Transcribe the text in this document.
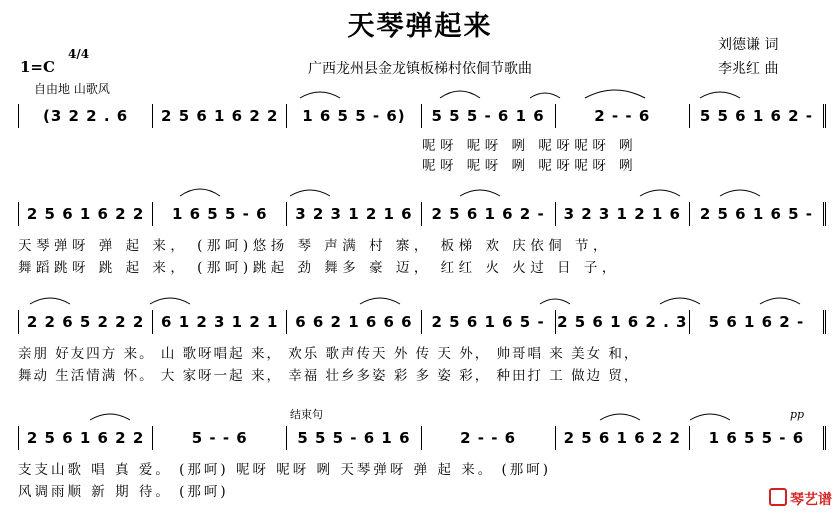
天琴弹起来
广西龙州县金龙镇板梯村依侗节歌曲
刘德谦 词
李兆红 曲
1=C
4/4
自由地 山歌风
(3 2 2 . 6	2 5 6 1 6 2 2	1 6 5 5 - 6)	5 5 5 - 6 1 6	2 - - 6	5 5 6 1 6 2 -
呢呀 呢呀 咧 呢呀呢呀 咧
呢呀 呢呀 咧 呢呀呢呀 咧
2 5 6 1 6 2 2	1 6 5 5 - 6	3 2 3 1 2 1 6	2 5 6 1 6 2 -	3 2 3 1 2 1 6	2 5 6 1 6 5 -
天琴弹呀 弹 起 来， (那呵)悠扬 琴 声满 村 寨， 板梯 欢 庆依侗 节，
舞蹈跳呀 跳 起 来， (那呵)跳起 劲 舞多 豪 迈， 红红 火 火过 日 子，
2 2 6 5 2 2 2	6 1 2 3 1 2 1	6 6 2 1 6 6 6	2 5 6 1 6 5 - 2 5 6 1 6 2 . 3	5 6 1 6 2 -
亲朋 好友四方 来。 山 歌呀唱起 来， 欢乐 歌声传天 外 传 天 外， 帅哥唱 来 美女 和，
舞动 生活情满 怀。 大 家呀一起 来， 幸福 壮乡多姿 彩 多 姿 彩， 种田打 工 做边 贸，
结束句	pp
2 5 6 1 6 2 2	5 - - 6	5 5 5 - 6 1 6	2 - - 6	2 5 6 1 6 2 2	1 6 5 5 - 6
支支山歌 唱 真 爱。 (那呵) 呢呀 呢呀 咧 天琴弹呀 弹 起 来。 (那呵)
风调雨顺 新 期 待。 (那呵)	琴艺谱
